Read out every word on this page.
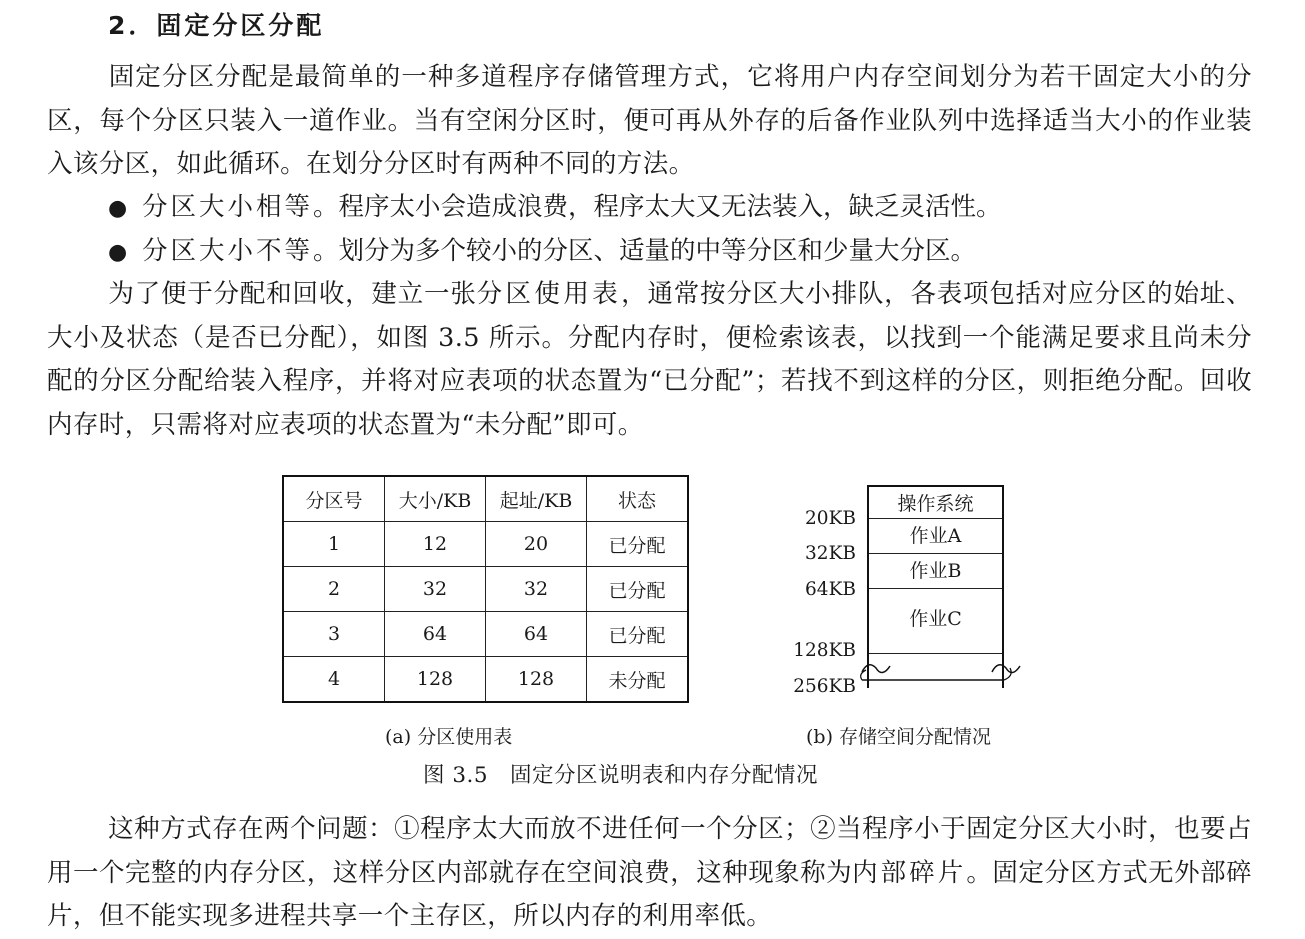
2．固定分区分配

固定分区分配是最简单的一种多道程序存储管理方式，它将用户内存空间划分为若干固定大小的分区，每个分区只装入一道作业。当有空闲分区时，便可再从外存的后备作业队列中选择适当大小的作业装入该分区，如此循环。在划分分区时有两种不同的方法。

● 分区大小相等。程序太小会造成浪费，程序太大又无法装入，缺乏灵活性。
● 分区大小不等。划分为多个较小的分区、适量的中等分区和少量大分区。

为了便于分配和回收，建立一张分区使用表，通常按分区大小排队，各表项包括对应分区的始址、大小及状态（是否已分配），如图 3.5 所示。分配内存时，便检索该表，以找到一个能满足要求且尚未分配的分区分配给装入程序，并将对应表项的状态置为“已分配”；若找不到这样的分区，则拒绝分配。回收内存时，只需将对应表项的状态置为“未分配”即可。

分区号	大小/KB	起址/KB	状态
1	12	20	已分配
2	32	32	已分配
3	64	64	已分配
4	128	128	未分配
操作系统
作业A
作业B
作业C
20KB
32KB
64KB
128KB
256KB
(a) 分区使用表	(b) 存储空间分配情况
图 3.5　固定分区说明表和内存分配情况

这种方式存在两个问题：①程序太大而放不进任何一个分区；②当程序小于固定分区大小时，也要占用一个完整的内存分区，这样分区内部就存在空间浪费，这种现象称为内部碎片。固定分区方式无外部碎片，但不能实现多进程共享一个主存区，所以内存的利用率低。
